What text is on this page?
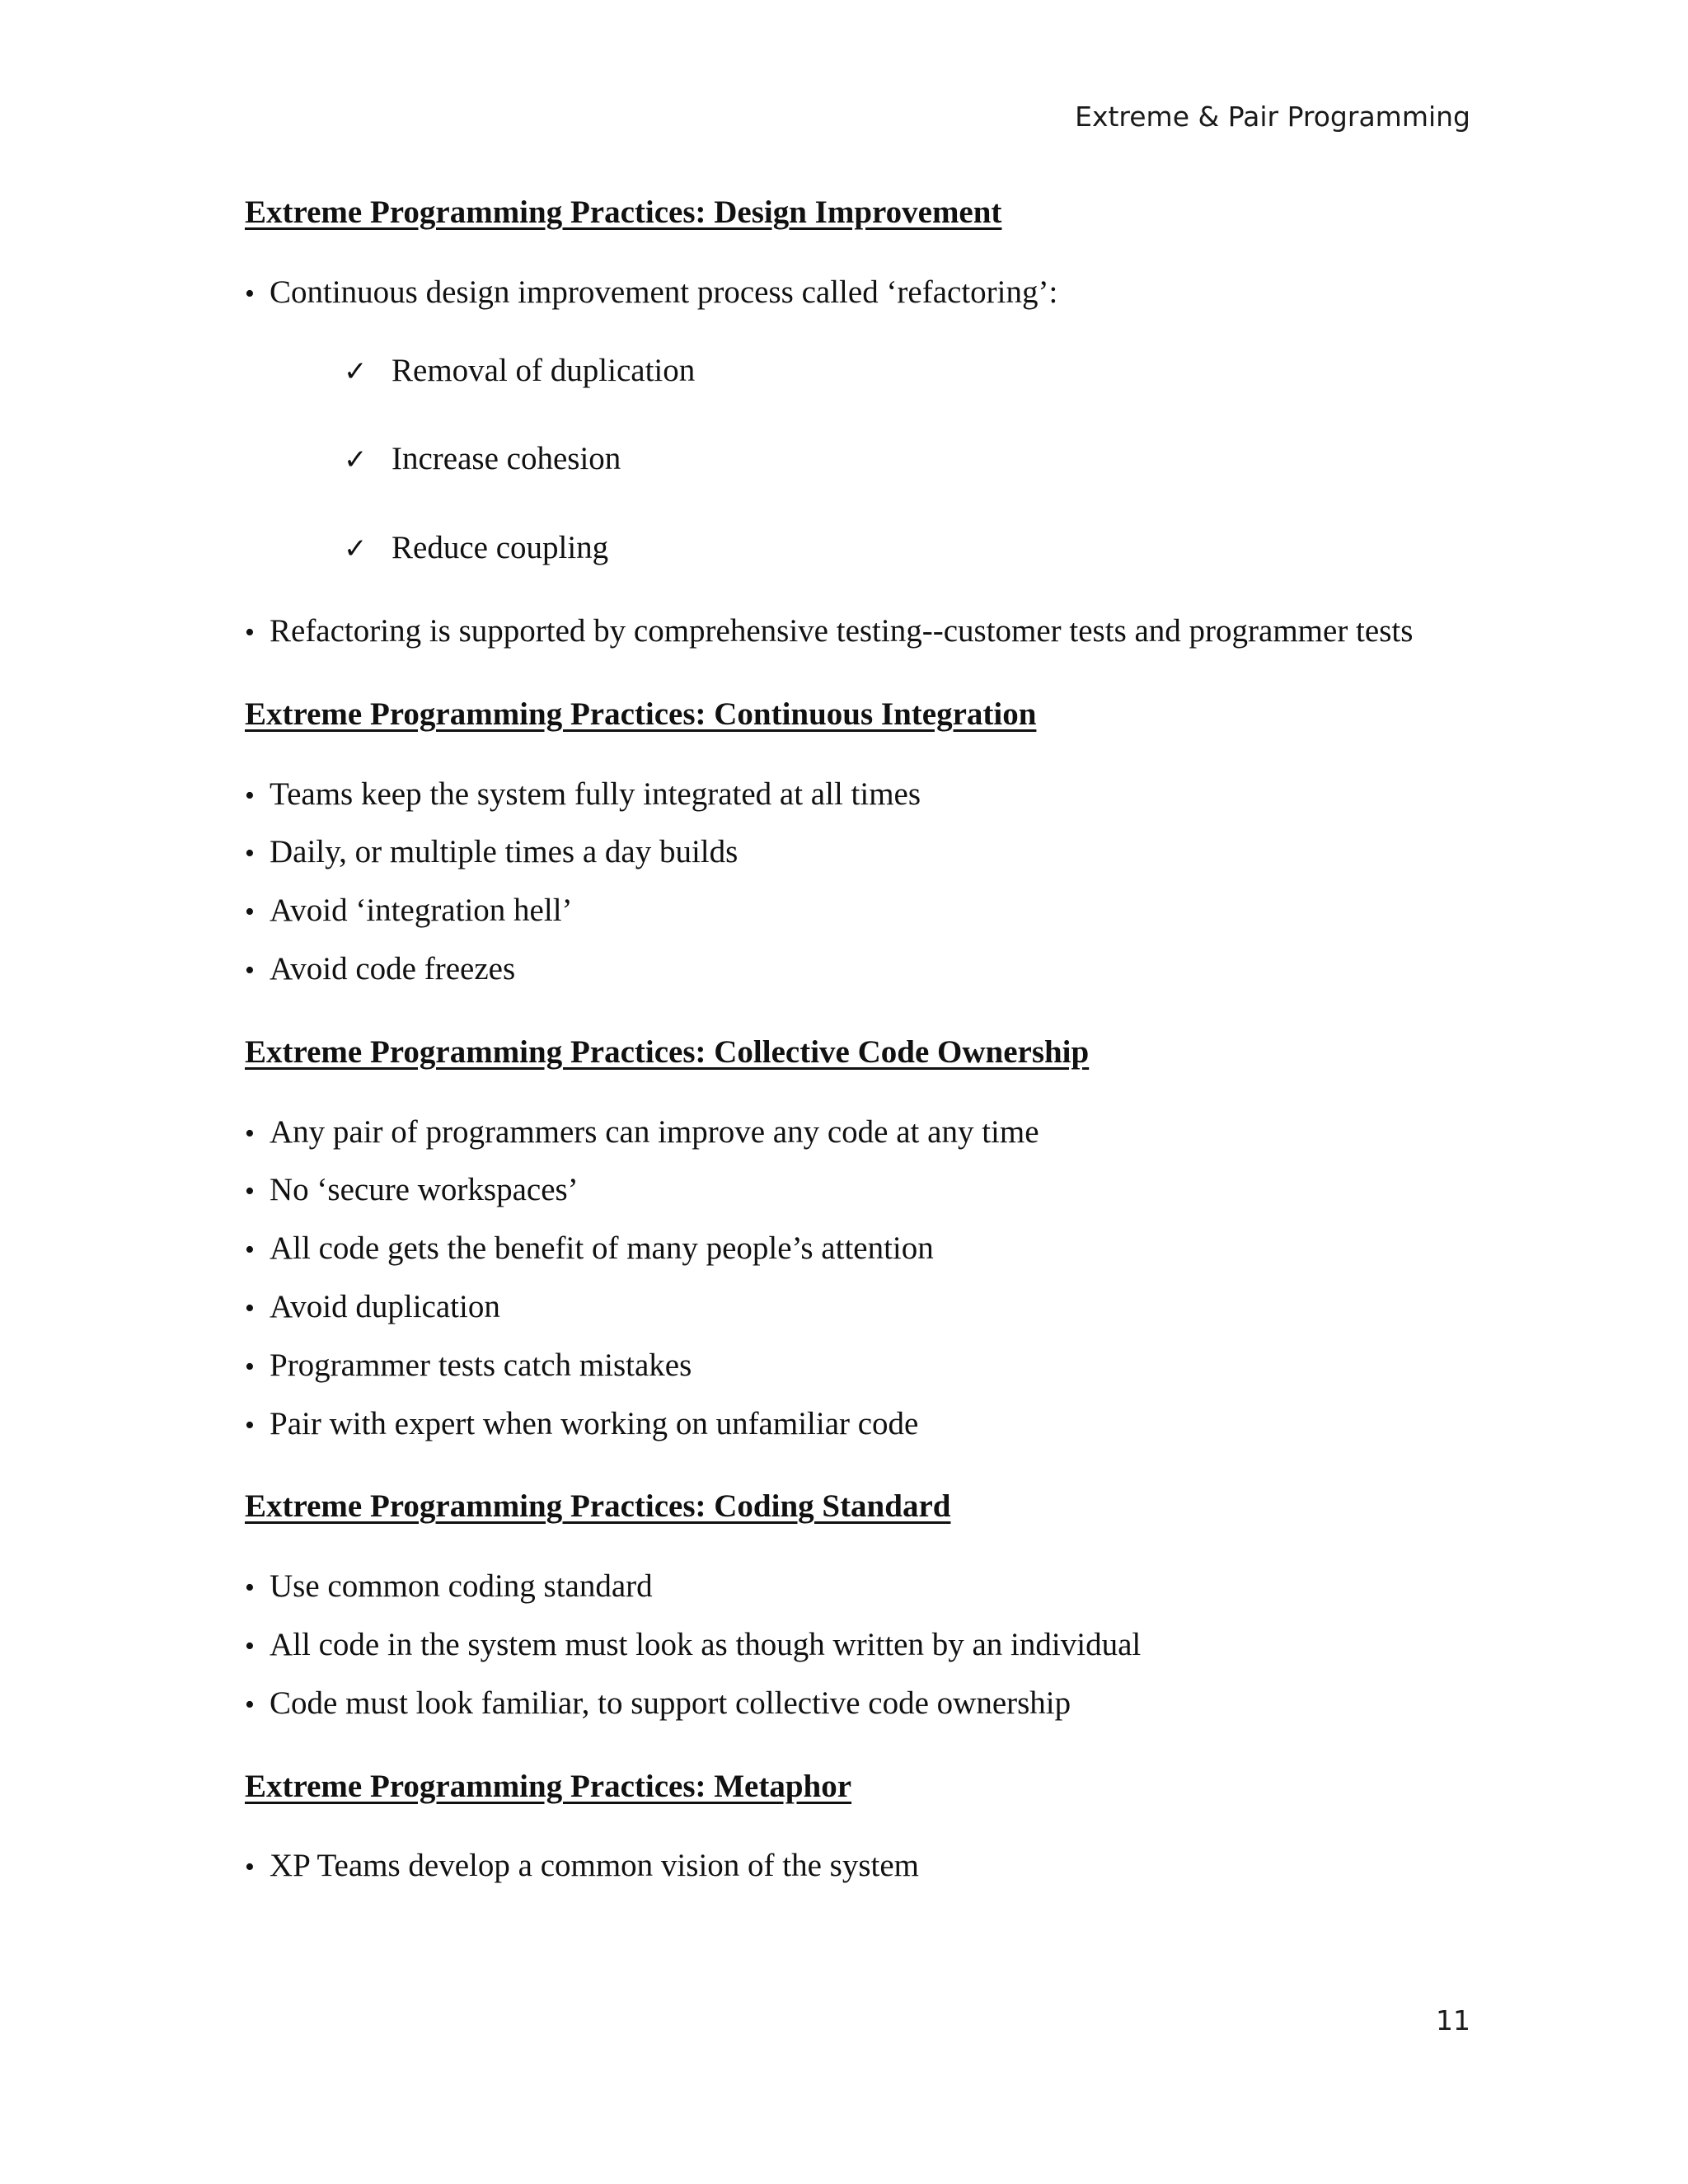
Extreme & Pair Programming
Extreme Programming Practices: Design Improvement
• Continuous design improvement process called ‘refactoring’:
✓ Removal of duplication
✓ Increase cohesion
✓ Reduce coupling
• Refactoring is supported by comprehensive testing--customer tests and programmer tests
Extreme Programming Practices: Continuous Integration
• Teams keep the system fully integrated at all times
• Daily, or multiple times a day builds
• Avoid ‘integration hell’
• Avoid code freezes
Extreme Programming Practices: Collective Code Ownership
• Any pair of programmers can improve any code at any time
• No ‘secure workspaces’
• All code gets the benefit of many people’s attention
• Avoid duplication
• Programmer tests catch mistakes
• Pair with expert when working on unfamiliar code
Extreme Programming Practices: Coding Standard
• Use common coding standard
• All code in the system must look as though written by an individual
• Code must look familiar, to support collective code ownership
Extreme Programming Practices: Metaphor
• XP Teams develop a common vision of the system
11
